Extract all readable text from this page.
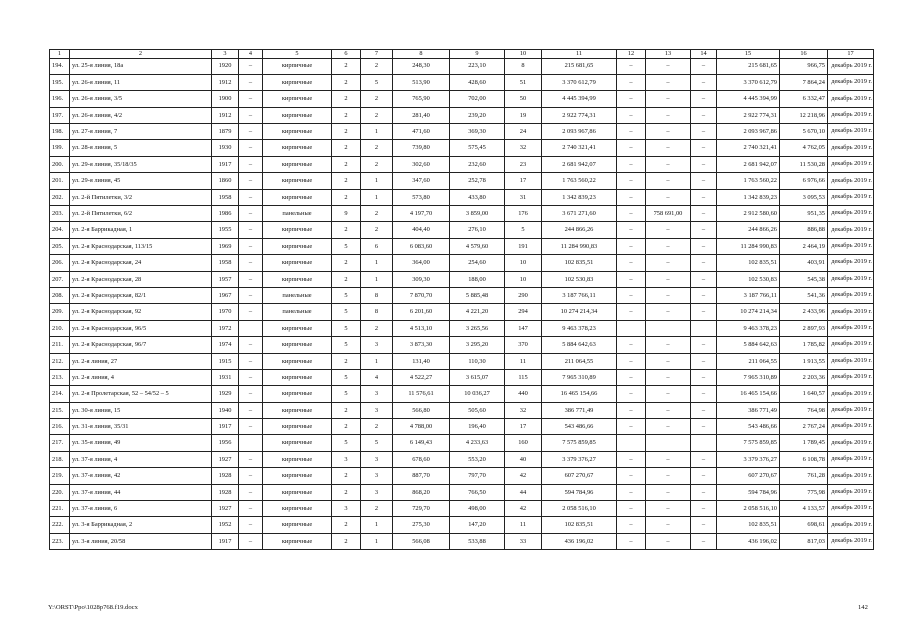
1	2	3	4	5	6	7	8	9	10	11	12	13	14	15	16	17
194.	ул. 25-я линия, 18а	1920	–	кирпичные	2	2	248,30	223,10	8	215 681,65	–	–	–	215 681,65	966,75	декабрь 2019 г.
195.	ул. 26-я линия, 11	1912	–	кирпичные	2	5	513,90	428,60	51	3 370 612,79	–	–	–	3 370 612,79	7 864,24	декабрь 2019 г.
196.	ул. 26-я линия, 3/5	1900	–	кирпичные	2	2	765,90	702,00	50	4 445 394,99	–	–	–	4 445 394,99	6 332,47	декабрь 2019 г.
197.	ул. 26-я линия, 4/2	1912	–	кирпичные	2	2	281,40	239,20	19	2 922 774,31	–	–	–	2 922 774,31	12 218,96	декабрь 2019 г.
198.	ул. 27-я линия, 7	1879	–	кирпичные	2	1	471,60	369,30	24	2 093 967,86	–	–	–	2 093 967,86	5 670,10	декабрь 2019 г.
199.	ул. 28-я линия, 5	1930	–	кирпичные	2	2	739,80	575,45	32	2 740 321,41	–	–	–	2 740 321,41	4 762,05	декабрь 2019 г.
200.	ул. 29-я линия, 35/18/35	1917	–	кирпичные	2	2	302,60	232,60	23	2 681 942,07	–	–	–	2 681 942,07	11 530,28	декабрь 2019 г.
201.	ул. 29-я линия, 45	1860	–	кирпичные	2	1	347,60	252,78	17	1 763 560,22	–	–	–	1 763 560,22	6 976,66	декабрь 2019 г.
202.	ул. 2-й Пятилетки, 3/2	1958	–	кирпичные	2	1	573,80	433,80	31	1 342 839,23	–	–	–	1 342 839,23	3 095,53	декабрь 2019 г.
203.	ул. 2-й Пятилетки, 6/2	1986	–	панельные	9	2	4 197,70	3 859,00	176	3 671 271,60	–	758 691,00	–	2 912 580,60	951,35	декабрь 2019 г.
204.	ул. 2-я Баррикадная, 1	1955	–	кирпичные	2	2	404,40	276,10	5	244 866,26	–	–	–	244 866,26	886,88	декабрь 2019 г.
205.	ул. 2-я Краснодарская, 113/15	1969	–	кирпичные	5	6	6 083,60	4 579,60	191	11 284 990,83	–	–	–	11 284 990,83	2 464,19	декабрь 2019 г.
206.	ул. 2-я Краснодарская, 24	1958	–	кирпичные	2	1	364,00	254,60	10	102 835,51	–	–	–	102 835,51	403,91	декабрь 2019 г.
207.	ул. 2-я Краснодарская, 28	1957	–	кирпичные	2	1	309,30	188,00	10	102 530,83	–	–	–	102 530,83	545,38	декабрь 2019 г.
208.	ул. 2-я Краснодарская, 82/1	1967	–	панельные	5	8	7 870,70	5 885,48	290	3 187 766,11	–	–	–	3 187 766,11	541,36	декабрь 2019 г.
209.	ул. 2-я Краснодарская, 92	1970	–	панельные	5	8	6 201,60	4 221,20	294	10 274 214,34	–	–	–	10 274 214,34	2 433,96	декабрь 2019 г.
210.	ул. 2-я Краснодарская, 96/5	1972		кирпичные	5	2	4 513,10	3 265,56	147	9 463 378,23				9 463 378,23	2 897,93	декабрь 2019 г.
211.	ул. 2-я Краснодарская, 96/7	1974	–	кирпичные	5	3	3 873,30	3 295,20	370	5 884 642,63	–	–	–	5 884 642,63	1 785,82	декабрь 2019 г.
212.	ул. 2-я линия, 27	1915	–	кирпичные	2	1	131,40	110,30	11	211 064,55	–	–	–	211 064,55	1 913,55	декабрь 2019 г.
213.	ул. 2-я линия, 4	1931	–	кирпичные	5	4	4 522,27	3 615,07	115	7 965 310,89	–	–	–	7 965 310,89	2 203,36	декабрь 2019 г.
214.	ул. 2-я Пролетарская, 52 – 54/52 – 5	1929	–	кирпичные	5	3	11 576,61	10 036,27	440	16 465 154,66	–	–	–	16 465 154,66	1 640,57	декабрь 2019 г.
215.	ул. 30-я линия, 15	1940	–	кирпичные	2	3	566,80	505,60	32	386 771,49	–	–	–	386 771,49	764,98	декабрь 2019 г.
216.	ул. 31-я линия, 35/31	1917	–	кирпичные	2	2	4 788,00	196,40	17	543 486,66	–	–	–	543 486,66	2 767,24	декабрь 2019 г.
217.	ул. 35-я линия, 49	1956		кирпичные	5	5	6 149,43	4 233,63	160	7 575 859,85				7 575 859,85	1 789,45	декабрь 2019 г.
218.	ул. 37-я линия, 4	1927	–	кирпичные	3	3	678,60	553,20	40	3 379 376,27	–	–	–	3 379 376,27	6 108,78	декабрь 2019 г.
219.	ул. 37-я линия, 42	1928	–	кирпичные	2	3	887,70	797,70	42	607 270,67	–	–	–	607 270,67	761,28	декабрь 2019 г.
220.	ул. 37-я линия, 44	1928	–	кирпичные	2	3	868,20	766,50	44	594 784,96	–	–	–	594 784,96	775,98	декабрь 2019 г.
221.	ул. 37-я линия, 6	1927	–	кирпичные	3	2	729,70	498,00	42	2 058 516,10	–	–	–	2 058 516,10	4 133,57	декабрь 2019 г.
222.	ул. 3-я Баррикадная, 2	1952	–	кирпичные	2	1	275,30	147,20	11	102 835,51	–	–	–	102 835,51	698,61	декабрь 2019 г.
223.	ул. 3-я линия, 20/58	1917	–	кирпичные	2	1	566,08	533,88	33	436 196,02	–	–	–	436 196,02	817,03	декабрь 2019 г.
Y:\ORST\Ppo\1028p768.f19.docx	142
